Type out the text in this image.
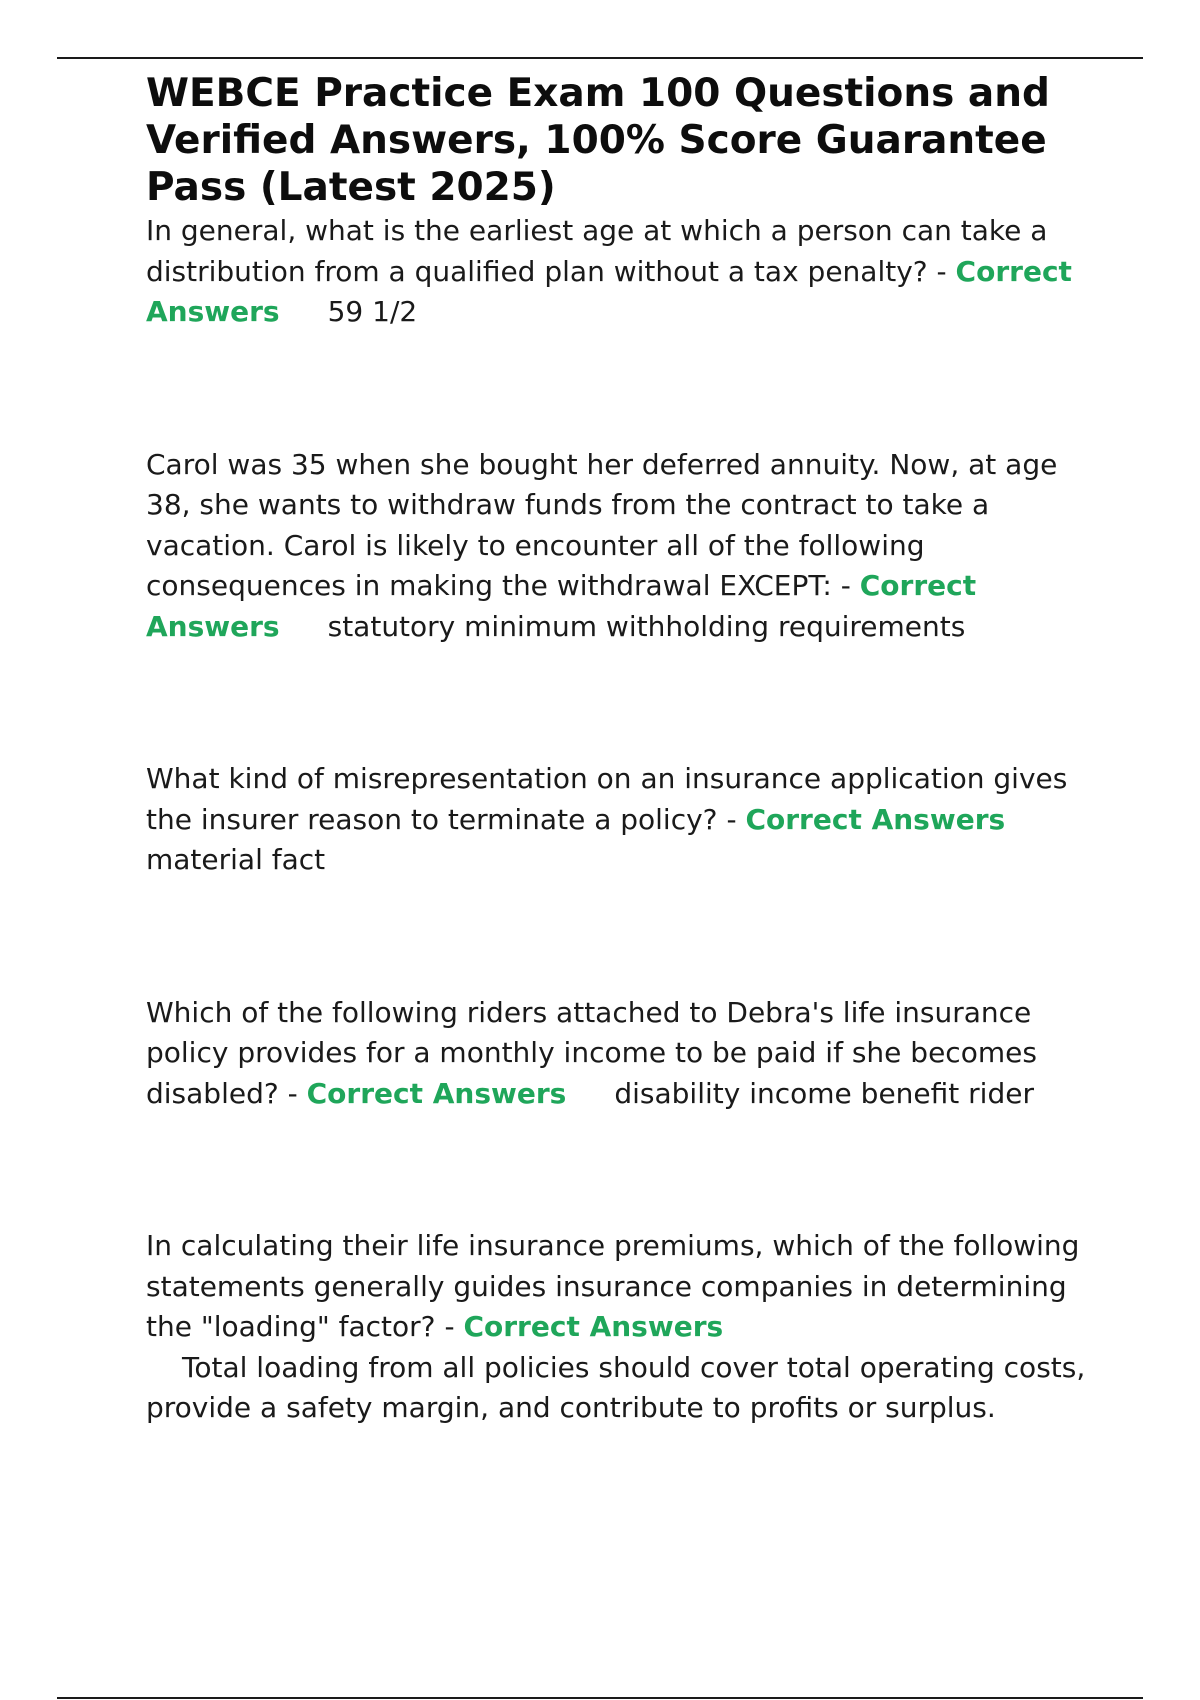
WEBCE Practice Exam 100 Questions and Verified Answers, 100% Score Guarantee Pass (Latest 2025)

In general, what is the earliest age at which a person can take a distribution from a qualified plan without a tax penalty? - Correct Answers 59 1/2

Carol was 35 when she bought her deferred annuity. Now, at age 38, she wants to withdraw funds from the contract to take a vacation. Carol is likely to encounter all of the following consequences in making the withdrawal EXCEPT: - Correct Answers statutory minimum withholding requirements

What kind of misrepresentation on an insurance application gives the insurer reason to terminate a policy? - Correct Answersmaterial fact

Which of the following riders attached to Debra's life insurance policy provides for a monthly income to be paid if she becomes disabled? - Correct Answers disability income benefit rider

In calculating their life insurance premiums, which of the following statements generally guides insurance companies in determining the "loading" factor? - Correct Answers
Total loading from all policies should cover total operating costs, provide a safety margin, and contribute to profits or surplus.
